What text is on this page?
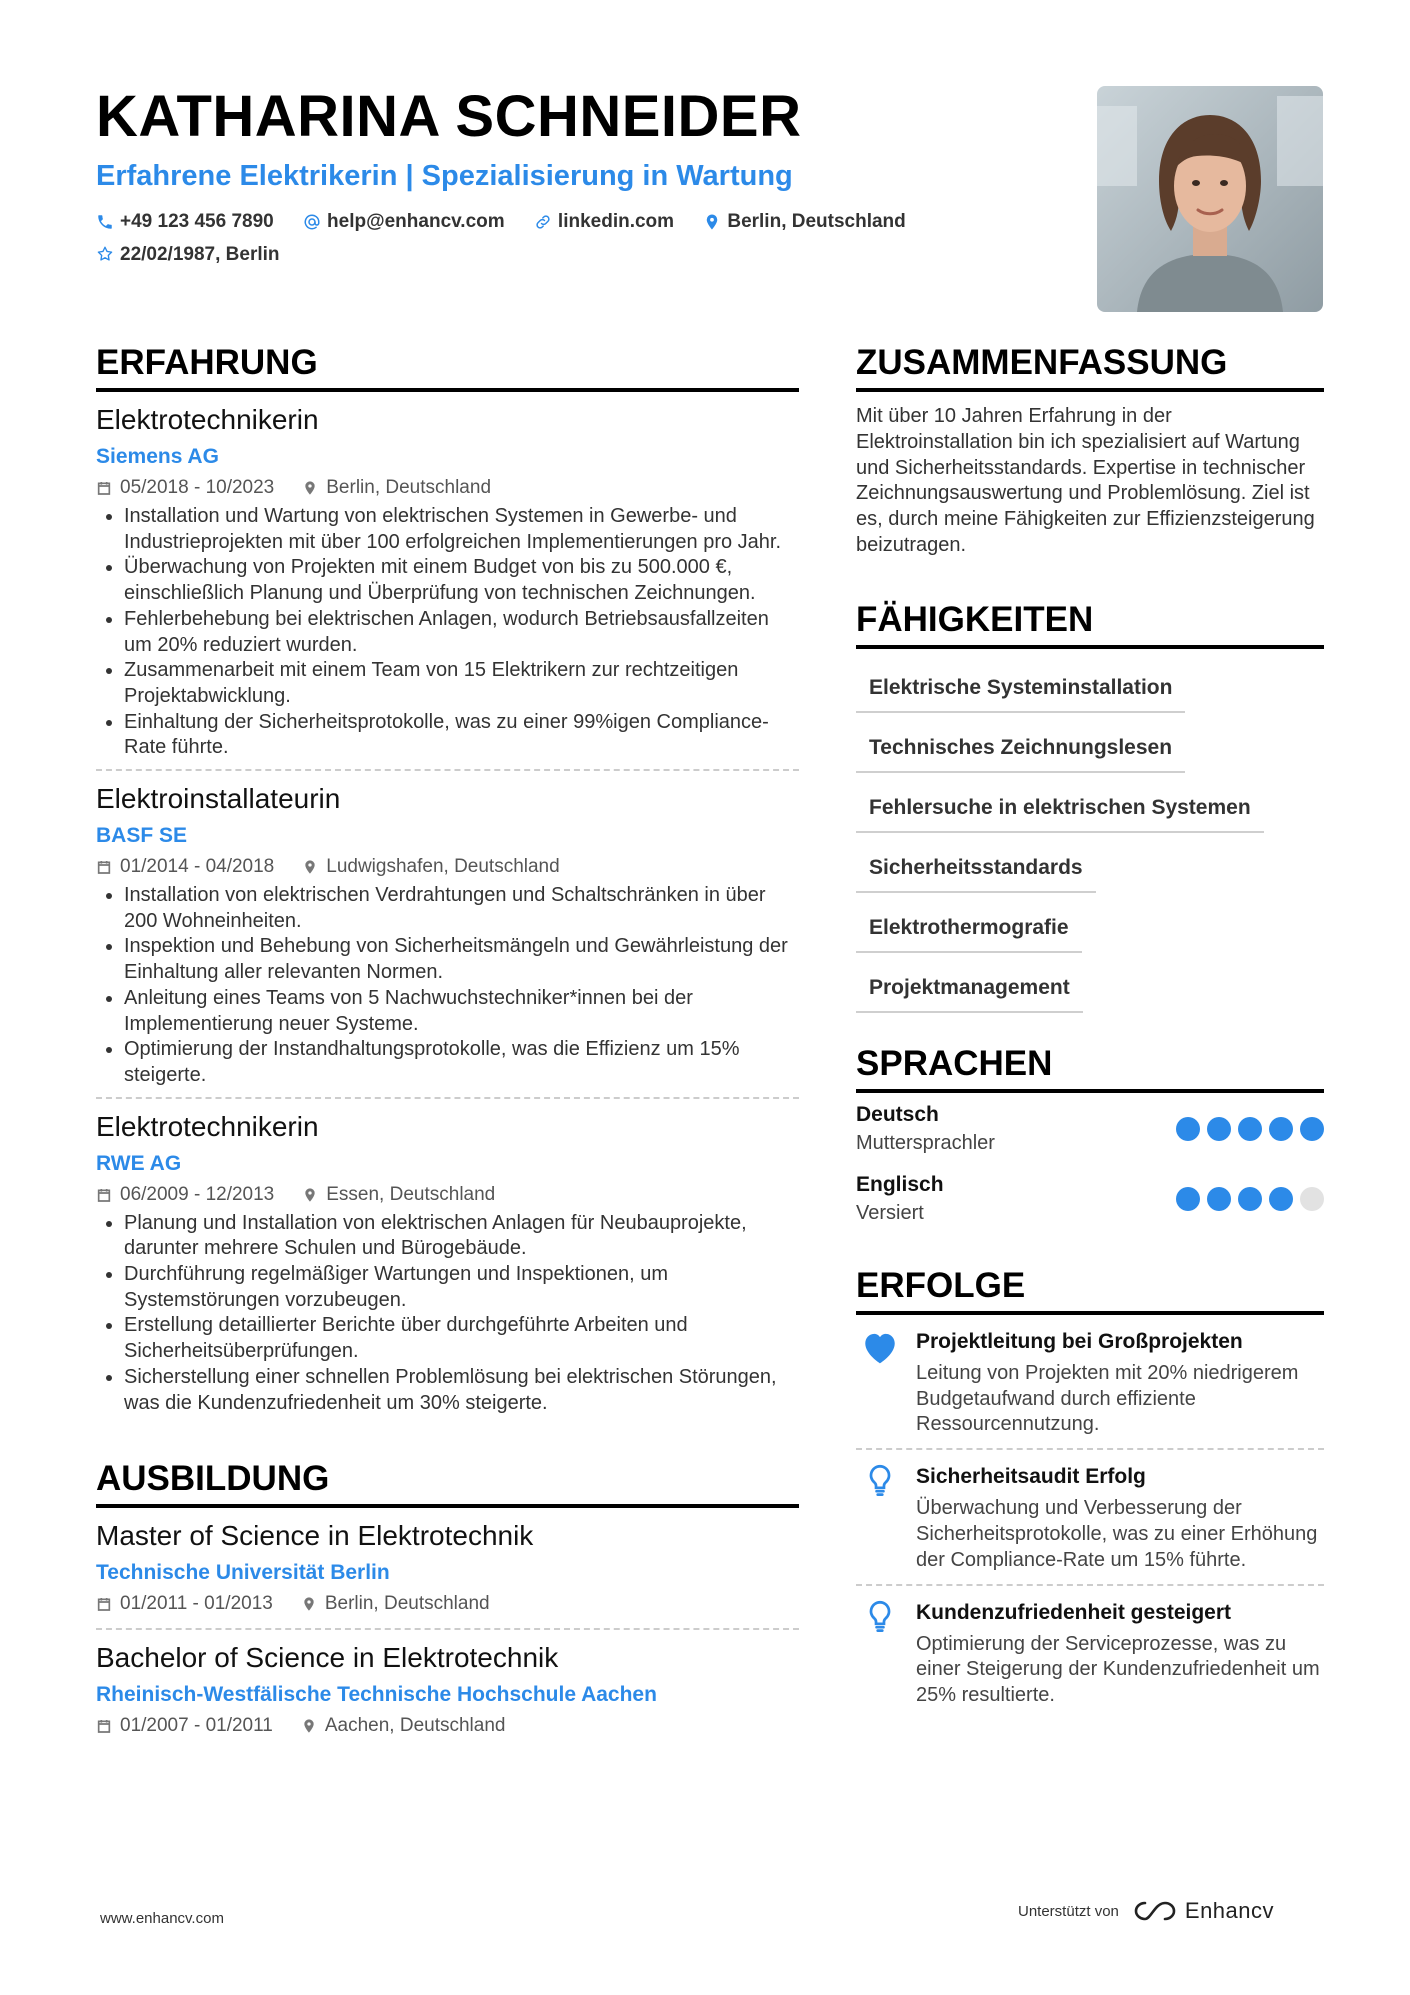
KATHARINA SCHNEIDER
Erfahrene Elektrikerin | Spezialisierung in Wartung
+49 123 456 7890
	help@enhancv.com
	linkedin.com
	Berlin, Deutschland
22/02/1987, Berlin
ERFAHRUNG
Elektrotechnikerin
Siemens AG
05/2018 - 10/2023	Berlin, Deutschland
• Installation und Wartung von elektrischen Systemen in Gewerbe- und Industrieprojekten mit über 100 erfolgreichen Implementierungen pro Jahr.
• Überwachung von Projekten mit einem Budget von bis zu 500.000 €, einschließlich Planung und Überprüfung von technischen Zeichnungen.
• Fehlerbehebung bei elektrischen Anlagen, wodurch Betriebsausfallzeiten um 20% reduziert wurden.
• Zusammenarbeit mit einem Team von 15 Elektrikern zur rechtzeitigen Projektabwicklung.
• Einhaltung der Sicherheitsprotokolle, was zu einer 99%igen Compliance-Rate führte.
Elektroinstallateurin
BASF SE
01/2014 - 04/2018	Ludwigshafen, Deutschland
• Installation von elektrischen Verdrahtungen und Schaltschränken in über 200 Wohneinheiten.
• Inspektion und Behebung von Sicherheitsmängeln und Gewährleistung der Einhaltung aller relevanten Normen.
• Anleitung eines Teams von 5 Nachwuchstechniker*innen bei der Implementierung neuer Systeme.
• Optimierung der Instandhaltungsprotokolle, was die Effizienz um 15% steigerte.
Elektrotechnikerin
RWE AG
06/2009 - 12/2013	Essen, Deutschland
• Planung und Installation von elektrischen Anlagen für Neubauprojekte, darunter mehrere Schulen und Bürogebäude.
• Durchführung regelmäßiger Wartungen und Inspektionen, um Systemstörungen vorzubeugen.
• Erstellung detaillierter Berichte über durchgeführte Arbeiten und Sicherheitsüberprüfungen.
• Sicherstellung einer schnellen Problemlösung bei elektrischen Störungen, was die Kundenzufriedenheit um 30% steigerte.
AUSBILDUNG
Master of Science in Elektrotechnik
Technische Universität Berlin
01/2011 - 01/2013	Berlin, Deutschland
Bachelor of Science in Elektrotechnik
Rheinisch-Westfälische Technische Hochschule Aachen
01/2007 - 01/2011	Aachen, Deutschland
ZUSAMMENFASSUNG
Mit über 10 Jahren Erfahrung in der Elektroinstallation bin ich spezialisiert auf Wartung und Sicherheitsstandards. Expertise in technischer Zeichnungsauswertung und Problemlösung. Ziel ist es, durch meine Fähigkeiten zur Effizienzsteigerung beizutragen.
FÄHIGKEITEN
Elektrische Systeminstallation
Technisches Zeichnungslesen
Fehlersuche in elektrischen Systemen
Sicherheitsstandards
Elektrothermografie
Projektmanagement
SPRACHEN
Deutsch
Muttersprachler
Englisch
Versiert
ERFOLGE
Projektleitung bei Großprojekten
Leitung von Projekten mit 20% niedrigerem Budgetaufwand durch effiziente Ressourcennutzung.
Sicherheitsaudit Erfolg
Überwachung und Verbesserung der Sicherheitsprotokolle, was zu einer Erhöhung der Compliance-Rate um 15% führte.
Kundenzufriedenheit gesteigert
Optimierung der Serviceprozesse, was zu einer Steigerung der Kundenzufriedenheit um 25% resultierte.
www.enhancv.com	Unterstützt von	Enhancv
